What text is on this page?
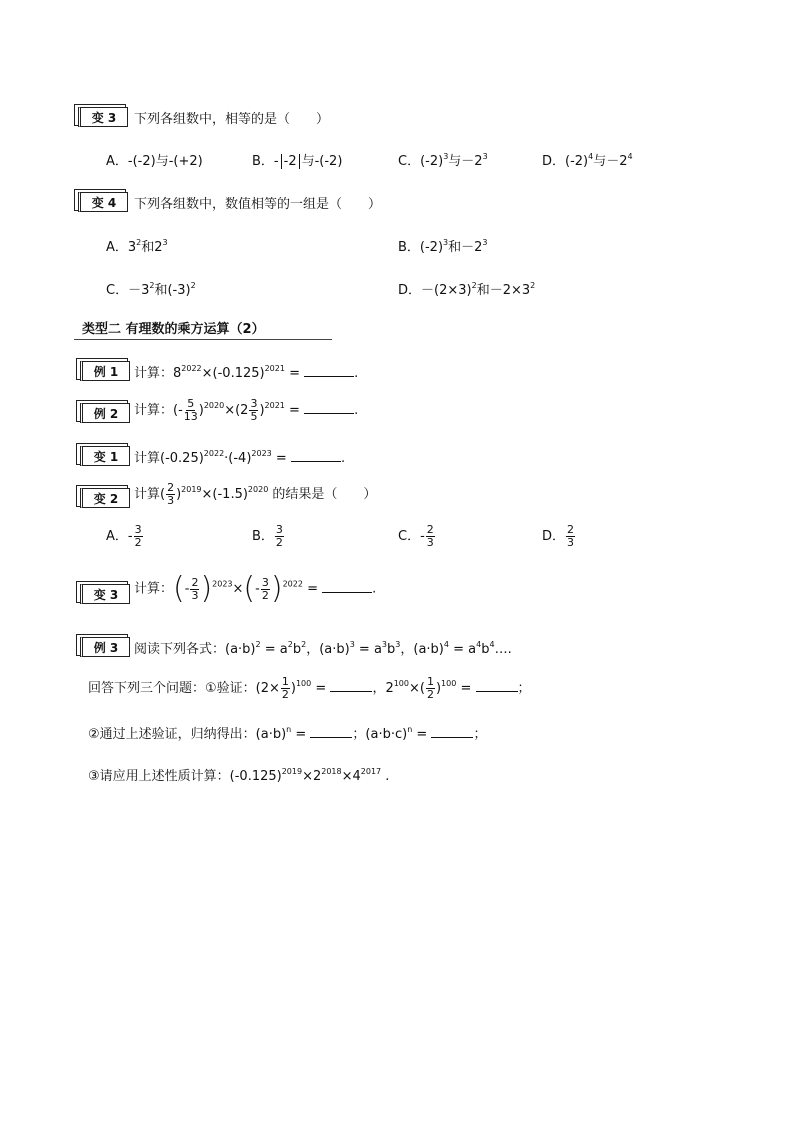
变 3	下列各组数中，相等的是（　　）
A．-(-2)与-(+2)	B．- -2 与-(-2)	C．$(-2)^3$与$-2^3$	D．$(-2)^4$与$-2^4$
变 4	下列各组数中，数值相等的一组是（　　）
A．$3^2$和$2^3$	B．$(-2)^3$和$-2^3$
C．$-3^2$和$(-3)^2$	D．$-(2\times 3)^2$和$-2\times 3^2$
类型二 有理数的乘方运算（2）
例 1	计算：$8^{2022}\times(-0.125)^{2021}$ =	.
例 2	计算：(- $\frac{5}{13} )^{2020}\times(2 \frac{3}{5} )^{2021}$ =	.
变 1	计算$(-0.25)^{2022}\cdot(-4)^{2023}$ =	.
变 2	计算( $\frac{2}{3} )^{2019}\times(-1.5)^{2020}$ 的结果是（　　）
A．- $\frac{3}{2}$	B． $\frac{3}{2}$	C．- $\frac{2}{3}$	D． $\frac{2}{3}$
变 3	计算：(- $\frac{2}{3} )^{2023}\times(- \frac{3}{2} )^{2022}$ =	.
例 3	阅读下列各式：$(a\cdot b)^2 = a^2b^2$，$(a\cdot b)^3 = a^3b^3$，$(a\cdot b)^4$ = $a^4b^4\dots$.
回答下列三个问题：①验证：$(2\times \frac{1}{2} )^{100}$ =	，$2^{100}\times( \frac{1}{2} )^{100}$ =	；
②通过上述验证，归纳得出：$(a\cdot b)^n$ =	；$(a\cdot b\cdot c)^n$ =	；
③请应用上述性质计算：$(-0.125)^{2019}\times 2^{2018}\times 4^{2017}$ .
